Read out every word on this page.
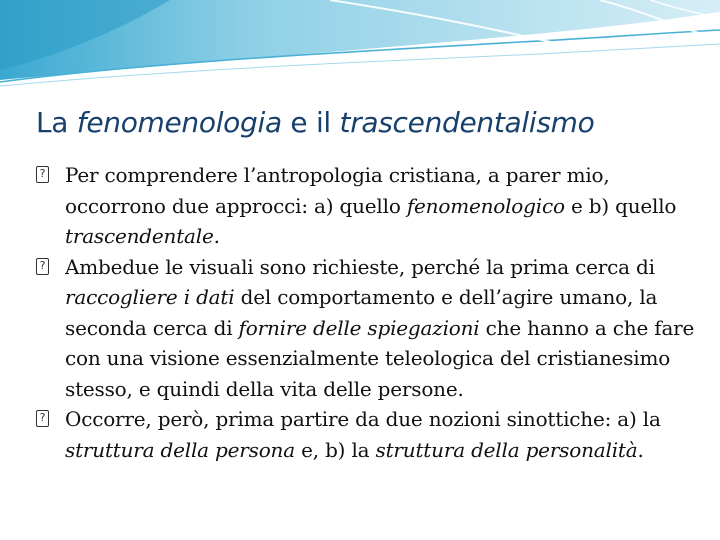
La fenomenologia e il trascendentalismo
? Per comprendere l’antropologia cristiana, a parer mio, occorrono due approcci: a) quello fenomenologico e b) quello trascendentale.
? Ambedue le visuali sono richieste, perché la prima cerca di raccogliere i dati del comportamento e dell’agire umano, la seconda cerca di fornire delle spiegazioni che hanno a che fare con una visione essenzialmente teleologica del cristianesimo stesso, e quindi della vita delle persone.
? Occorre, però, prima partire da due nozioni sinottiche: a) la struttura della persona e, b) la struttura della personalità.
